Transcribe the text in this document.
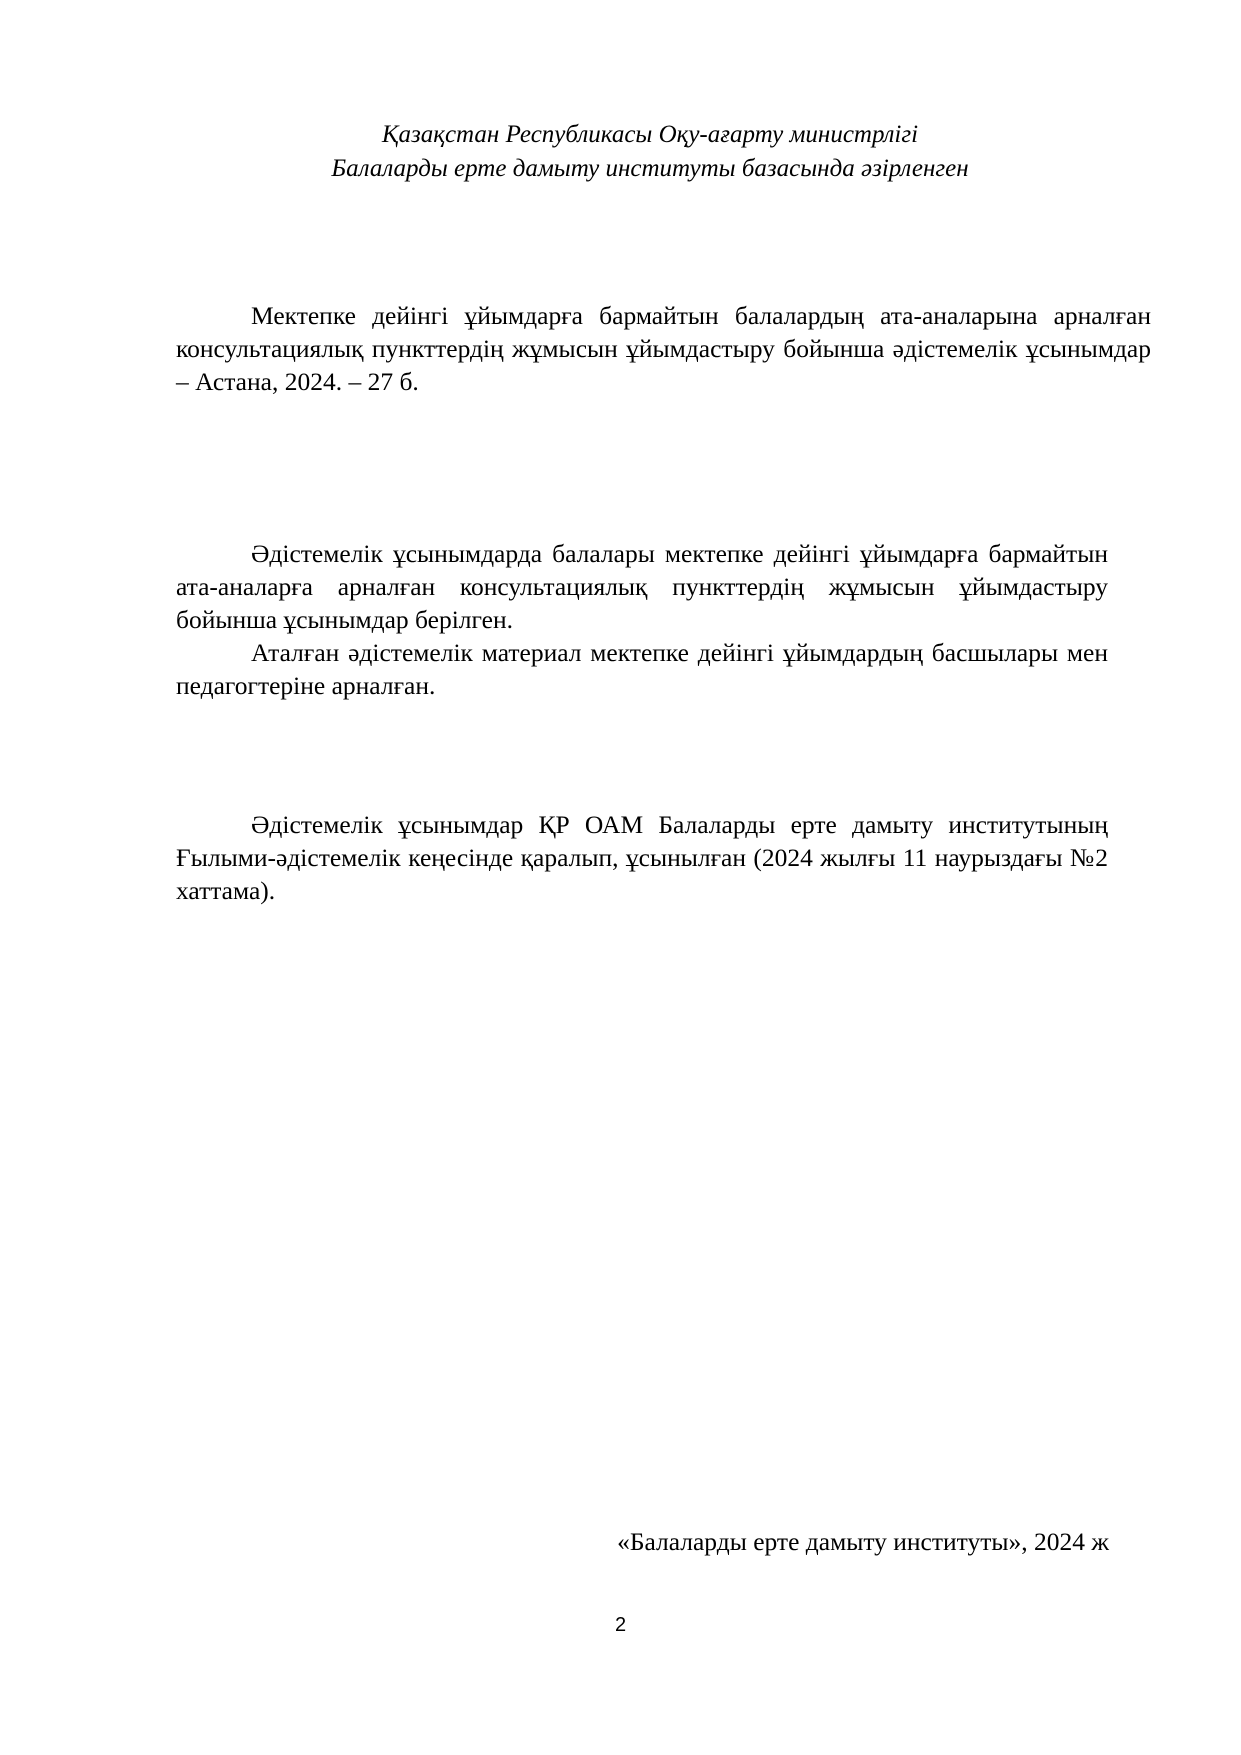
Қазақстан Республикасы Оқу-ағарту министрлігі
Балаларды ерте дамыту институты базасында әзірленген

Мектепке дейінгі ұйымдарға бармайтын балалардың ата-аналарына арналған консультациялық пункттердің жұмысын ұйымдастыру бойынша әдістемелік ұсынымдар – Астана, 2024. – 27 б.

Әдістемелік ұсынымдарда балалары мектепке дейінгі ұйымдарға бармайтын ата-аналарға арналған консультациялық пункттердің жұмысын ұйымдастыру бойынша ұсынымдар берілген.

Аталған әдістемелік материал мектепке дейінгі ұйымдардың басшылары мен педагогтеріне арналған.

Әдістемелік ұсынымдар ҚР ОАМ Балаларды ерте дамыту институтының Ғылыми-әдістемелік кеңесінде қаралып, ұсынылған (2024 жылғы 11 наурыздағы №2 хаттама).

«Балаларды ерте дамыту институты», 2024 ж
2
